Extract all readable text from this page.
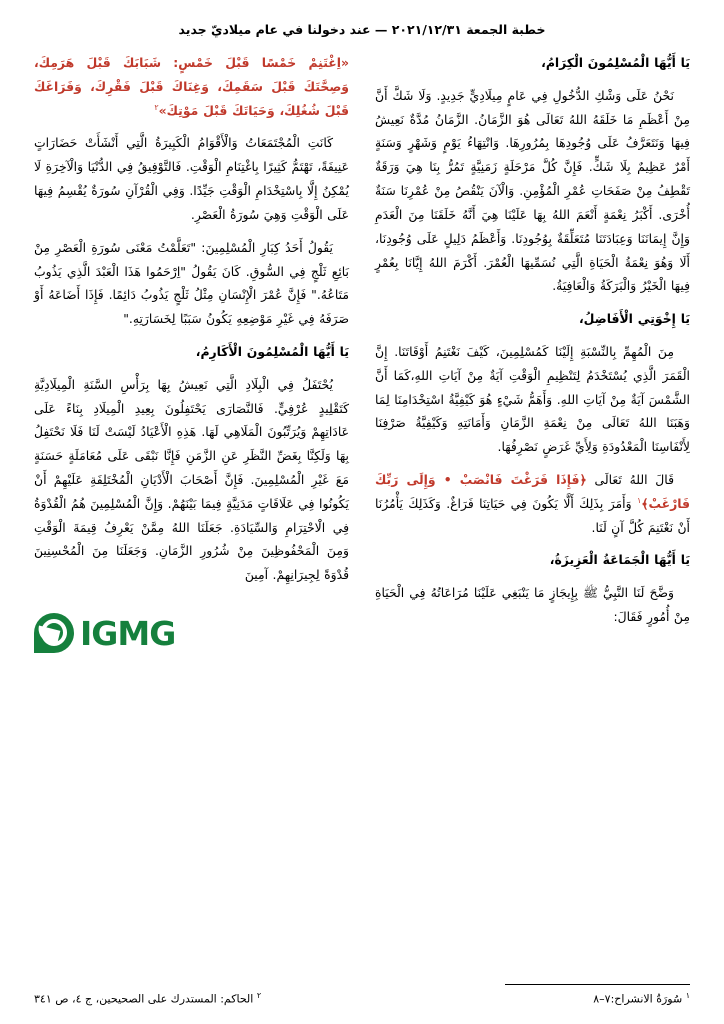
خطبة الجمعة ٢٠٢١/١٢/٣١ — عند دخولنا في عام ميلاديّ جديد

يَا أَيُّهَا الْمُسْلِمُونَ الْكِرَامُ،

نَحْنُ عَلَى وَشْكِ الدُّخُولِ فِي عَامٍ مِيلَادِيٍّ جَدِيدٍ. وَلَا شَكَّ أَنَّ مِنْ أَعْظَمِ مَا خَلَقَهُ اللهُ تَعَالَى هُوَ الزَّمَانُ. الزَّمَانُ مُدَّةٌ نَعِيشُ فِيهَا وَنَتَعَرَّفُ عَلَى وُجُودِهَا بِمُرُورِهَا. وَانْتِهَاءُ يَوْمٍ وَشَهْرٍ وَسَنَةٍ أَمْرٌ عَظِيمٌ بِلَا شَكٍّ. فَإِنَّ كُلَّ مَرْحَلَةٍ زَمَنِيَّةٍ تَمُرُّ بِنَا هِيَ وَرَقَةٌ تَقْطِفُ مِنْ صَفَحَاتِ عُمْرِ الْمُؤْمِنِ. وَالْآنَ يَنْقُصُ مِنْ عُمْرِنَا سَنَةٌ أُخْرَى. أَكْبَرُ نِعْمَةٍ أَنْعَمَ اللهُ بِهَا عَلَيْنَا هِيَ أَنَّهُ خَلَقَنَا مِنَ الْعَدَمِ وَإِنَّ إِيمَانَنَا وَعِبَادَتَنَا مُتَعَلِّقَةٌ بِوُجُودِنَا. وَأَعْظَمُ دَلِيلٍ عَلَى وُجُودِنَا، أَلَا وَهُوَ نِعْمَةُ الْحَيَاةِ الَّتِي نُسَمِّيهَا الْعُمْرَ. أَكْرَمَ اللهُ إِيَّانَا بِعُمْرٍ فِيهَا الْخَيْرُ وَالْبَرَكَةُ وَالْعَافِيَةُ.

يَا إِخْوَتِي الْأَفَاضِلُ،

مِنَ الْمُهِمِّ بِالنِّسْبَةِ إِلَيْنَا كَمُسْلِمِينَ، كَيْفَ نَغْتَنِمُ أَوْقَاتَنَا. إِنَّ الْقَمَرَ الَّذِي يُسْتَخْدَمُ لِتَنْظِيمِ الْوَقْتِ آيَةٌ مِنْ آيَاتِ اللهِ،كَمَا أَنَّ الشَّمْسَ آيَةٌ مِنْ آيَاتِ اللهِ. وَأَهَمُّ شَيْءٍ هُوَ كَيْفِيَّةُ اسْتِخْدَامِنَا لِمَا وَهَبَنَا اللهُ تَعَالَى مِنْ نِعْمَةِ الزَّمَانِ وَأَمَانَتِهِ وَكَيْفِيَّةُ صَرْفِنَا لِأَنْفَاسِنَا الْمَعْدُودَةِ وَلِأَيِّ غَرَضٍ نَصْرِفُهَا.

قَالَ اللهُ تَعَالَى ﴿فَإِذَا فَرَغْتَ فَانْصَبْ • وَإِلَى رَبِّكَ فَارْغَبْ﴾$^١$ وَأَمَرَ بِذَلِكَ أَلَّا يَكُونَ فِي حَيَاتِنَا فَرَاغٌ. وَكَذَلِكَ يَأْمُرُنَا أَنْ نَغْتَنِمَ كُلَّ آنٍ لَنَا.

يَا أَيُّهَا الْجَمَاعَةُ الْعَزِيزَةُ،

وَضَّحَ لَنَا النَّبِيُّ ﷺ بِإِيجَازٍ مَا يَنْبَغِي عَلَيْنَا مُرَاعَاتُهُ فِي الْحَيَاةِ مِنْ أُمُورٍ فَقَالَ:

«اِغْتَنِمْ خَمْسًا قَبْلَ خَمْسٍ: شَبَابَكَ قَبْلَ هَرَمِكَ، وَصِحَّتَكَ قَبْلَ سَقَمِكَ، وَغِنَاكَ قَبْلَ فَقْرِكَ، وَفَرَاغَكَ قَبْلَ شُغُلِكَ، وَحَيَاتَكَ قَبْلَ مَوْتِكَ»$^٢$

كَانَتِ الْمُجْتَمَعَاتُ وَالْأَقْوَامُ الْكَبِيرَةُ الَّتِي أَنْشَأَتْ حَضَارَاتٍ عَنِيفَةً، تَهْتَمُّ كَثِيرًا بِاغْتِنَامِ الْوَقْتِ. فَالتَّوْفِيقُ فِي الدُّنْيَا وَالْآخِرَةِ لَا يُمْكِنُ إِلَّا بِاسْتِخْدَامِ الْوَقْتِ جَيِّدًا. وَفِي الْقُرْآنِ سُورَةٌ يُقْسِمُ فِيهَا عَلَى الْوَقْتِ وَهِيَ سُورَةُ الْعَصْرِ.

يَقُولُ أَحَدُ كِبَارِ الْمُسْلِمِينَ: "تَعَلَّمْتُ مَعْنَى سُورَةِ الْعَصْرِ مِنْ بَائِعِ ثَلْجٍ فِي السُّوقِ. كَانَ يَقُولُ "اِرْحَمُوا هَذَا الْعَبْدَ الَّذِي يَذُوبُ مَتَاعُهُ." فَإِنَّ عُمْرَ الْإِنْسَانِ مِثْلُ ثَلْجٍ يَذُوبُ دَائِمًا. فَإِذَا أَضَاعَهُ أَوْ صَرَفَهُ فِي غَيْرِ مَوْضِعِهِ يَكُونُ سَبَبًا لِخَسَارَتِهِ."

يَا أَيُّهَا الْمُسْلِمُونَ الْأَكَارِمُ،

يُحْتَفَلُ فِي الْبِلَادِ الَّتِي نَعِيشُ بِهَا بِرَأْسِ السَّنَةِ الْمِيلَادِيَّةِ كَتَقْلِيدٍ عُرْفِيٍّ. فَالنَّصَارَى يَحْتَفِلُونَ بِعِيدِ الْمِيلَادِ بِنَاءً عَلَى عَادَاتِهِمْ وَيُرَتِّبُونَ الْمَلَاهِي لَهَا. هَذِهِ الْأَعْيَادُ لَيْسَتْ لَنَا فَلَا نَحْتَفِلُ بِهَا وَلَكِنَّا بِغَضِّ النَّظَرِ عَنِ الزَّمَنِ فَإِنَّا نَبْقَى عَلَى مُعَامَلَةٍ حَسَنَةٍ مَعَ غَيْرِ الْمُسْلِمِينَ. فَإِنَّ أَصْحَابَ الْأَدْيَانِ الْمُخْتَلِفَةِ عَلَيْهِمْ أَنْ يَكُونُوا فِي عَلَاقَاتٍ مَدَنِيَّةٍ فِيمَا بَيْنَهُمْ. وَإِنَّ الْمُسْلِمِينَ هُمُ الْقُدْوَةُ فِي الْاحْتِرَامِ وَالسِّيَادَةِ. جَعَلَنَا اللهُ مِمَّنْ يَعْرِفُ قِيمَةَ الْوَقْتِ وَمِنَ الْمَحْفُوظِينَ مِنْ شُرُورِ الزَّمَانِ. وَجَعَلَنَا مِنَ الْمُحْسِنِينَ قُدْوَةً لِجِيرَانِهِمْ. آمِينَ

IGMG
$^١$ سُورَةُ الانشراح:٧–٨
$^٢$ الحاكم: المستدرك على الصحيحين، ج ٤، ص ٣٤١
